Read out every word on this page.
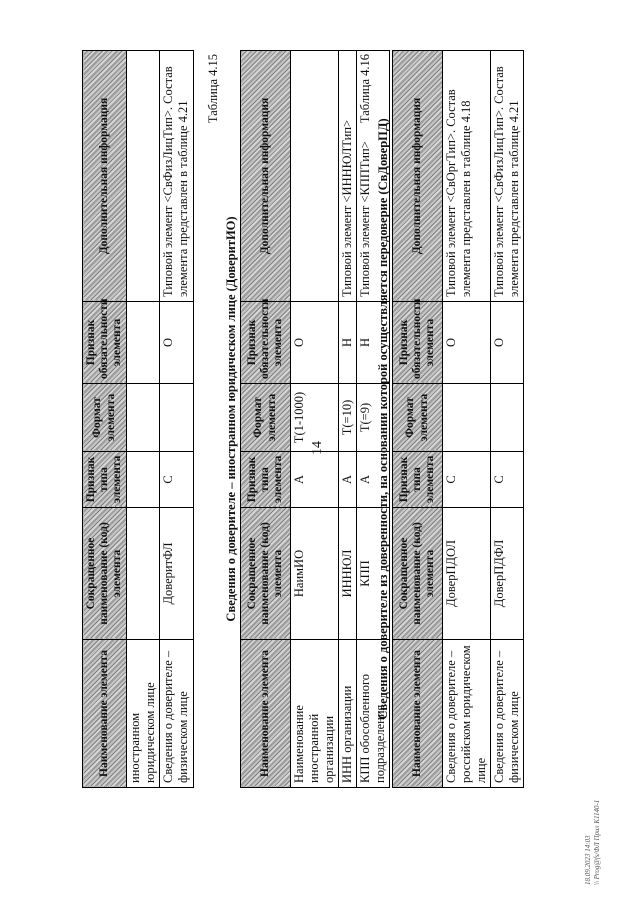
14
Наименование элемента	Сокращенное наименование (код) элемента	Признак типа элемента	Формат элемента	Признак обязательности элемента	Дополнительная информация
иностранном юридическом лице					
Сведения о доверителе – физическом лице	ДоверитФЛ	С		О	Типовой элемент <СвФизЛицТип>. Состав элемента представлен в таблице 4.21
Таблица 4.15
Сведения о доверителе – иностранном юридическом лице (ДоверитИО)
Наименование элемента	Сокращенное наименование (код) элемента	Признак типа элемента	Формат элемента	Признак обязательности элемента	Дополнительная информация
Наименование иностранной организации	НаимИО	А	T(1-1000)	О	
ИНН организации	ИННЮЛ	А	T(=10)	Н	Типовой элемент <ИННЮЛТип>
КПП обособленного подразделения	КПП	А	T(=9)	Н	Типовой элемент <КППТип>
Таблица 4.16
Сведения о доверителе из доверенности, на основании которой осуществляется передоверие (СвДоверПД) Наименование элемента	Сокращенное наименование (код) элемента	Признак типа элемента	Формат элемента	Признак обязательности элемента	Дополнительная информация
Сведения о доверителе – российском юридическом лице	ДоверПДОЛ	С		О	Типовой элемент <СвОргТип>. Состав элемента представлен в таблице 4.18
Сведения о доверителе – физическом лице	ДоверПДФЛ	С		О	Типовой элемент <СвФизЛицТип>. Состав элемента представлен в таблице 4.21
18.09.2023 14:03 \\ Prog@fs/ФЛ Прил К1140-1
